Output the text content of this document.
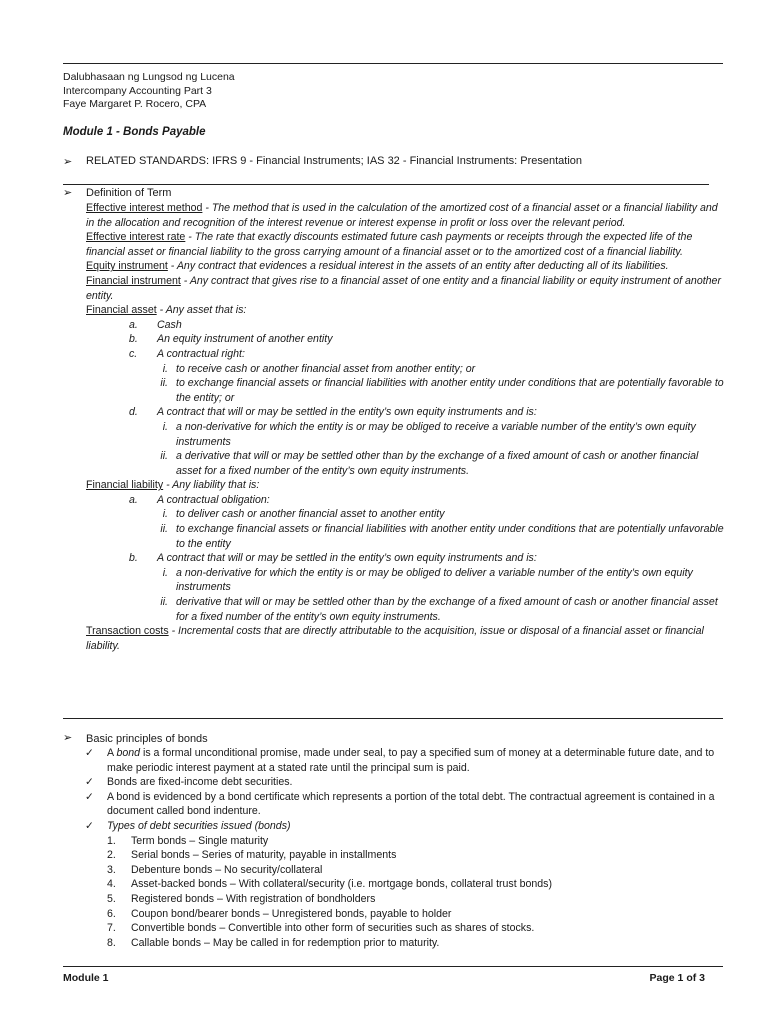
Dalubhasaan ng Lungsod ng Lucena
Intercompany Accounting Part 3
Faye Margaret P. Rocero, CPA
Module 1 - Bonds Payable
➢ RELATED STANDARDS: IFRS 9 - Financial Instruments; IAS 32 - Financial Instruments: Presentation
➢ Definition of Term

Effective interest method - The method that is used in the calculation of the amortized cost of a financial asset or a financial liability and in the allocation and recognition of the interest revenue or interest expense in profit or loss over the relevant period.

Effective interest rate - The rate that exactly discounts estimated future cash payments or receipts through the expected life of the financial asset or financial liability to the gross carrying amount of a financial asset or to the amortized cost of a financial liability.

Equity instrument - Any contract that evidences a residual interest in the assets of an entity after deducting all of its liabilities.

Financial instrument - Any contract that gives rise to a financial asset of one entity and a financial liability or equity instrument of another entity.

Financial asset - Any asset that is:

a.	Cash
b.	An equity instrument of another entity
c.	A contractual right:
i. to receive cash or another financial asset from another entity; or
ii. to exchange financial assets or financial liabilities with another entity under conditions that are potentially favorable to the entity; or
d.	A contract that will or may be settled in the entity’s own equity instruments and is:
i. a non-derivative for which the entity is or may be obliged to receive a variable number of the entity’s own equity instruments
ii. a derivative that will or may be settled other than by the exchange of a fixed amount of cash or another financial asset for a fixed number of the entity’s own equity instruments.

Financial liability - Any liability that is:

a.	A contractual obligation:
i. to deliver cash or another financial asset to another entity
ii. to exchange financial assets or financial liabilities with another entity under conditions that are potentially unfavorable to the entity
b.	A contract that will or may be settled in the entity’s own equity instruments and is:
i. a non-derivative for which the entity is or may be obliged to deliver a variable number of the entity’s own equity instruments
ii. derivative that will or may be settled other than by the exchange of a fixed amount of cash or another financial asset for a fixed number of the entity’s own equity instruments.

Transaction costs - Incremental costs that are directly attributable to the acquisition, issue or disposal of a financial asset or financial liability.

➢ Basic principles of bonds
✓	A bond is a formal unconditional promise, made under seal, to pay a specified sum of money at a determinable future date, and to make periodic interest payment at a stated rate until the principal sum is paid.
✓	Bonds are fixed-income debt securities.
✓	A bond is evidenced by a bond certificate which represents a portion of the total debt. The contractual agreement is contained in a document called bond indenture.
✓	Types of debt securities issued (bonds)
1.	Term bonds – Single maturity
2.	Serial bonds – Series of maturity, payable in installments
3.	Debenture bonds – No security/collateral
4.	Asset-backed bonds – With collateral/security (i.e. mortgage bonds, collateral trust bonds)
5.	Registered bonds – With registration of bondholders
6.	Coupon bond/bearer bonds – Unregistered bonds, payable to holder
7.	Convertible bonds – Convertible into other form of securities such as shares of stocks.
8.	Callable bonds – May be called in for redemption prior to maturity.
Module 1	Page 1 of 3
